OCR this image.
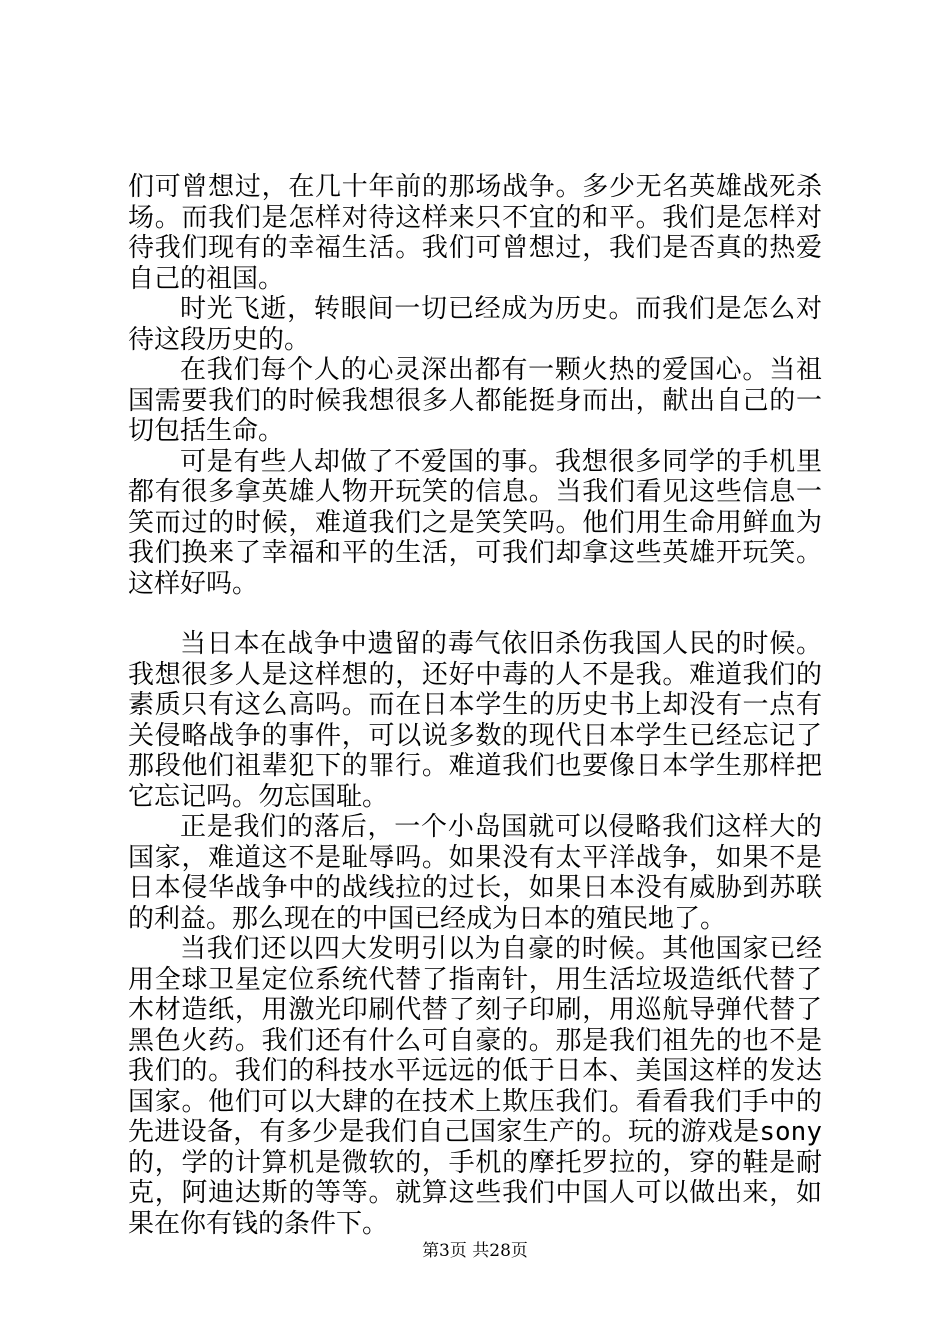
们可曾想过，在几十年前的那场战争。多少无名英雄战死杀场。而我们是怎样对待这样来只不宜的和平。我们是怎样对待我们现有的幸福生活。我们可曾想过，我们是否真的热爱自己的祖国。

时光飞逝，转眼间一切已经成为历史。而我们是怎么对待这段历史的。

在我们每个人的心灵深出都有一颗火热的爱国心。当祖国需要我们的时候我想很多人都能挺身而出，献出自己的一切包括生命。

可是有些人却做了不爱国的事。我想很多同学的手机里都有很多拿英雄人物开玩笑的信息。当我们看见这些信息一笑而过的时候，难道我们之是笑笑吗。他们用生命用鲜血为我们换来了幸福和平的生活，可我们却拿这些英雄开玩笑。这样好吗。

当日本在战争中遗留的毒气依旧杀伤我国人民的时候。我想很多人是这样想的，还好中毒的人不是我。难道我们的素质只有这么高吗。而在日本学生的历史书上却没有一点有关侵略战争的事件，可以说多数的现代日本学生已经忘记了那段他们祖辈犯下的罪行。难道我们也要像日本学生那样把它忘记吗。勿忘国耻。

正是我们的落后，一个小岛国就可以侵略我们这样大的国家，难道这不是耻辱吗。如果没有太平洋战争，如果不是日本侵华战争中的战线拉的过长，如果日本没有威胁到苏联的利益。那么现在的中国已经成为日本的殖民地了。

当我们还以四大发明引以为自豪的时候。其他国家已经用全球卫星定位系统代替了指南针，用生活垃圾造纸代替了木材造纸，用激光印刷代替了刻子印刷，用巡航导弹代替了黑色火药。我们还有什么可自豪的。那是我们祖先的也不是我们的。我们的科技水平远远的低于日本、美国这样的发达国家。他们可以大肆的在技术上欺压我们。看看我们手中的先进设备，有多少是我们自己国家生产的。玩的游戏是sony的，学的计算机是微软的，手机的摩托罗拉的，穿的鞋是耐克，阿迪达斯的等等。就算这些我们中国人可以做出来，如果在你有钱的条件下。

第3页 共28页
